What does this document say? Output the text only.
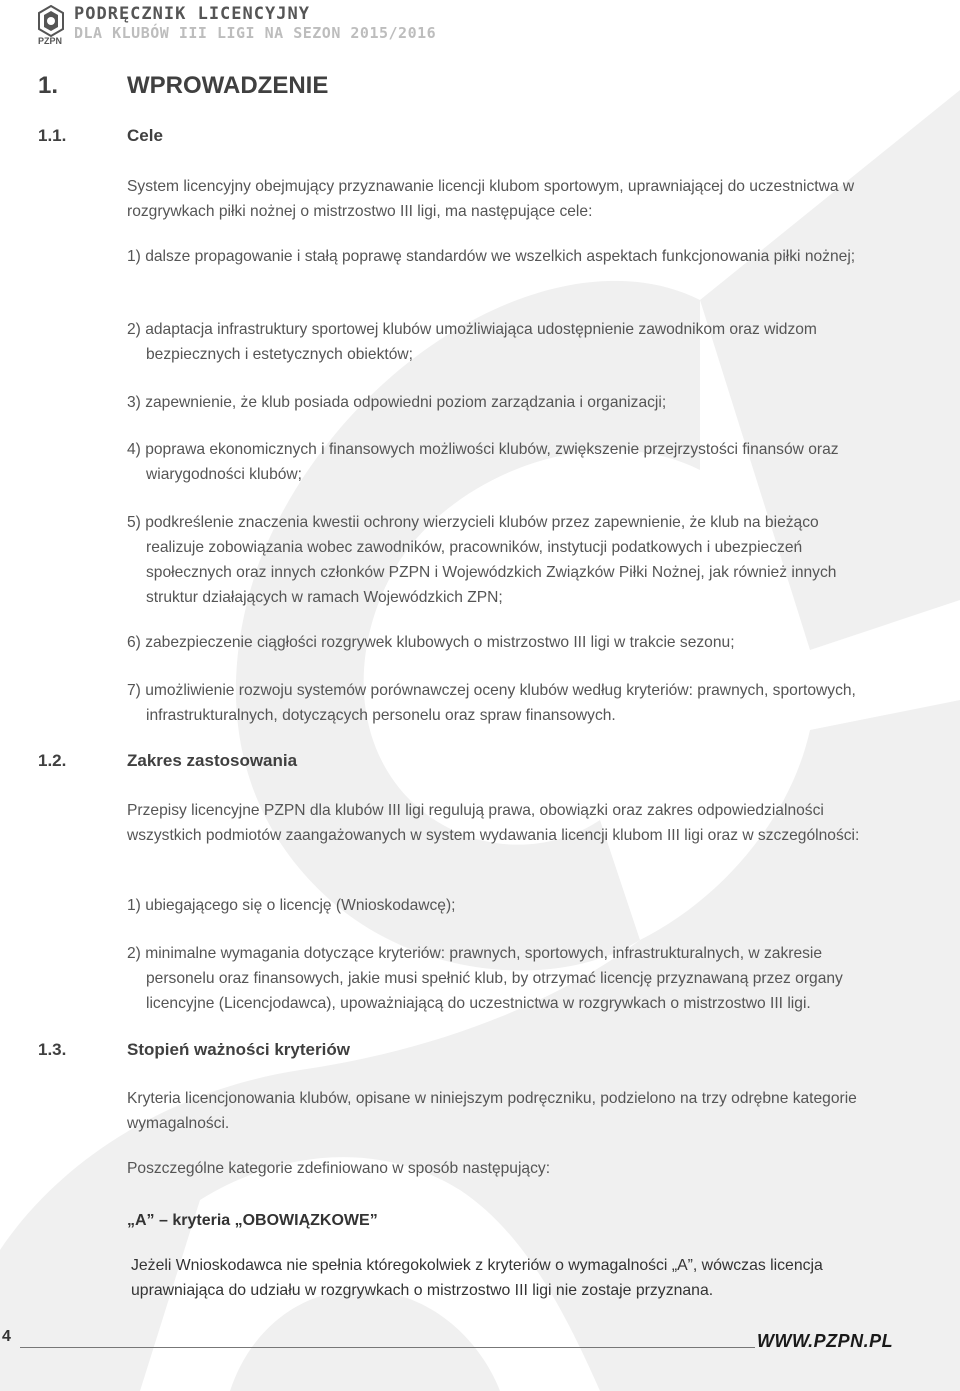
PZPN
PODRĘCZNIK LICENCYJNY
DLA KLUBÓW III LIGI NA SEZON 2015/2016
1.	WPROWADZENIE
1.1.	Cele
System licencyjny obejmujący przyznawanie licencji klubom sportowym, uprawniającej do uczestnictwa w rozgrywkach piłki nożnej o mistrzostwo III ligi, ma następujące cele:
1) dalsze propagowanie i stałą poprawę standardów we wszelkich aspektach funkcjonowania piłki nożnej;
2) adaptacja infrastruktury sportowej klubów umożliwiająca udostępnienie zawodnikom oraz widzom bezpiecznych i estetycznych obiektów;
3) zapewnienie, że klub posiada odpowiedni poziom zarządzania i organizacji;
4) poprawa ekonomicznych i finansowych możliwości klubów, zwiększenie przejrzystości finansów oraz wiarygodności klubów;
5) podkreślenie znaczenia kwestii ochrony wierzycieli klubów przez zapewnienie, że klub na bieżąco realizuje zobowiązania wobec zawodników, pracowników, instytucji podatkowych i ubezpieczeń społecznych oraz innych członków PZPN i Wojewódzkich Związków Piłki Nożnej, jak również innych struktur działających w ramach Wojewódzkich ZPN;
6) zabezpieczenie ciągłości rozgrywek klubowych o mistrzostwo III ligi w trakcie sezonu;
7) umożliwienie rozwoju systemów porównawczej oceny klubów według kryteriów: prawnych, sportowych, infrastrukturalnych, dotyczących personelu oraz spraw finansowych.
1.2.	Zakres zastosowania
Przepisy licencyjne PZPN dla klubów III ligi regulują prawa, obowiązki oraz zakres odpowiedzialności wszystkich podmiotów zaangażowanych w system wydawania licencji klubom III ligi oraz w szczególności:
1) ubiegającego się o licencję (Wnioskodawcę);
2) minimalne wymagania dotyczące kryteriów: prawnych, sportowych, infrastrukturalnych, w zakresie personelu oraz finansowych, jakie musi spełnić klub, by otrzymać licencję przyznawaną przez organy licencyjne (Licencjodawca), upoważniającą do uczestnictwa w rozgrywkach o mistrzostwo III ligi.
1.3.	Stopień ważności kryteriów
Kryteria licencjonowania klubów, opisane w niniejszym podręczniku, podzielono na trzy odrębne kategorie wymagalności.
Poszczególne kategorie zdefiniowano w sposób następujący:
„A” – kryteria „OBOWIĄZKOWE”
Jeżeli Wnioskodawca nie spełnia któregokolwiek z kryteriów o wymagalności „A”, wówczas licencja uprawniająca do udziału w rozgrywkach o mistrzostwo III ligi nie zostaje przyznana.
4	WWW.PZPN.PL
